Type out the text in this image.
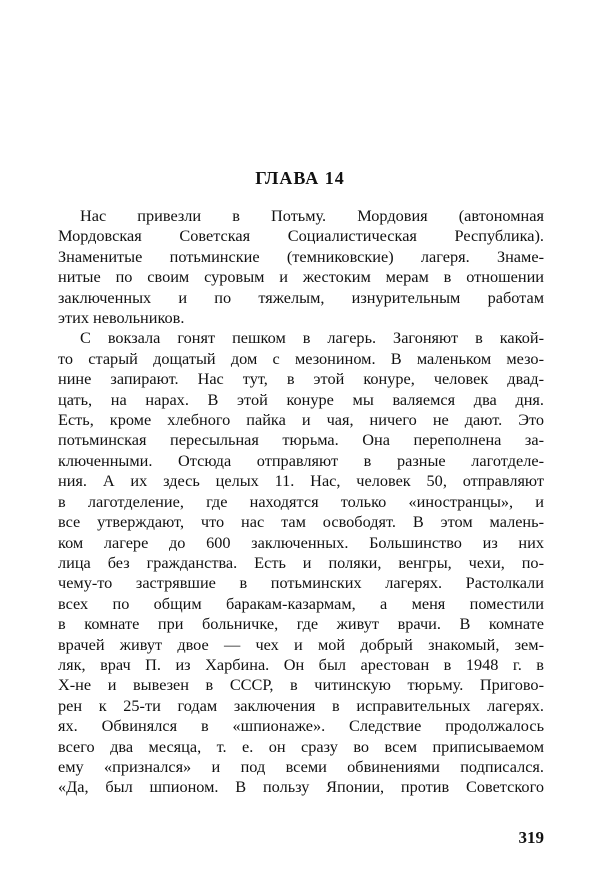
ГЛАВА 14
Нас привезли в Потьму. Мордовия (автономная
Мордовская Советская Социалистическая Республика).
Знаменитые потьминские (темниковские) лагеря. Знаме-
нитые по своим суровым и жестоким мерам в отношении
заключенных и по тяжелым, изнурительным работам
этих невольников.
С вокзала гонят пешком в лагерь. Загоняют в какой-
то старый дощатый дом с мезонином. В маленьком мезо-
нине запирают. Нас тут, в этой конуре, человек двад-
цать, на нарах. В этой конуре мы валяемся два дня.
Есть, кроме хлебного пайка и чая, ничего не дают. Это
потьминская пересыльная тюрьма. Она переполнена за-
ключенными. Отсюда отправляют в разные лаготделе-
ния. А их здесь целых 11. Нас, человек 50, отправляют
в лаготделение, где находятся только «иностранцы», и
все утверждают, что нас там освободят. В этом малень-
ком лагере до 600 заключенных. Большинство из них
лица без гражданства. Есть и поляки, венгры, чехи, по-
чему-то застрявшие в потьминских лагерях. Растолкали
всех по общим баракам-казармам, а меня поместили
в комнате при больничке, где живут врачи. В комнате
врачей живут двое — чех и мой добрый знакомый, зем-
ляк, врач П. из Харбина. Он был арестован в 1948 г. в
Х-не и вывезен в СССР, в читинскую тюрьму. Пригово-
рен к 25-ти годам заключения в исправительных лагерях.
ях. Обвинялся в «шпионаже». Следствие продолжалось
всего два месяца, т. е. он сразу во всем приписываемом
ему «признался» и под всеми обвинениями подписался.
«Да, был шпионом. В пользу Японии, против Советского
319
